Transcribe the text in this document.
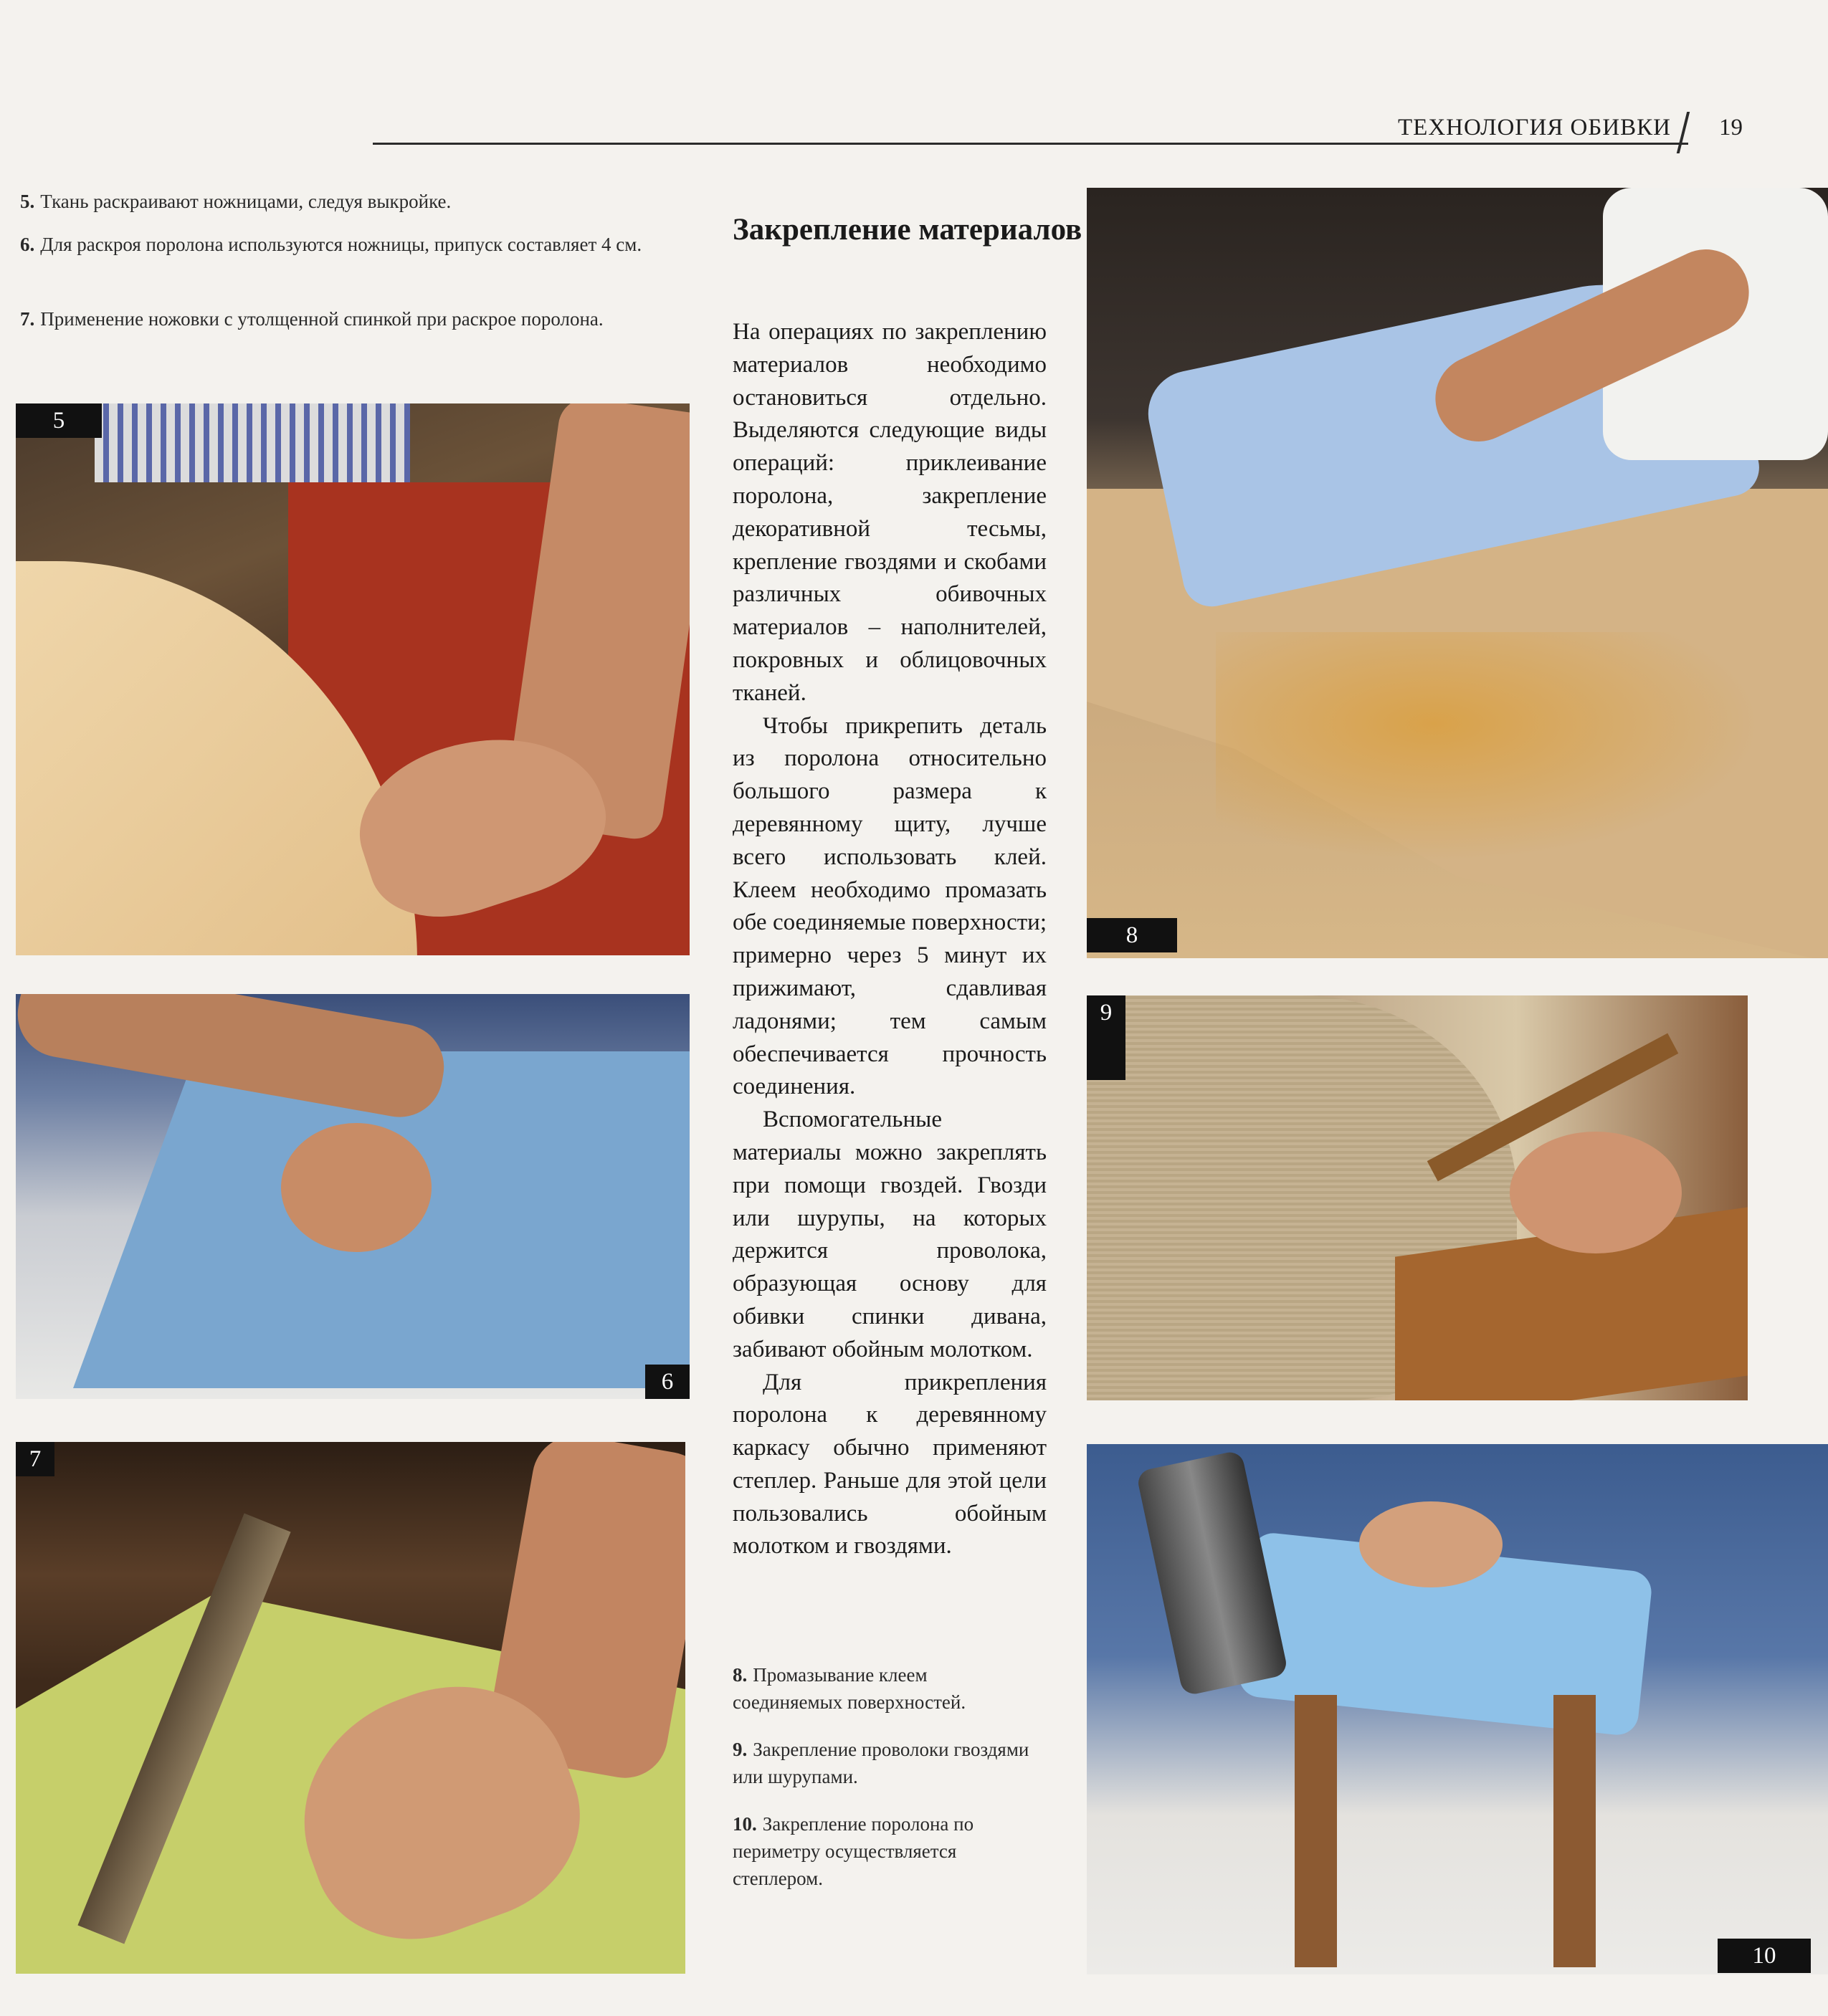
ТЕХНОЛОГИЯ ОБИВКИ 19
5. Ткань раскраивают ножницами, следуя выкройке.
6. Для раскроя поролона используются ножницы, припуск составляет 4 см.
7. Применение ножовки с утолщенной спинкой при раскрое поролона.
5
6
7
Закрепление материалов

На операциях по закреплению материалов необходимо остановиться отдельно. Выделяются следующие виды операций: приклеивание поролона, закрепление декоративной тесьмы, крепление гвоздями и скобами различных обивочных материалов – наполнителей, покровных и облицовочных тканей.

Чтобы прикрепить деталь из поролона относительно большого размера к деревянному щиту, лучше всего использовать клей. Клеем необходимо промазать обе соединяемые поверхности; примерно через 5 минут их прижимают, сдавливая ладонями; тем самым обеспечивается прочность соединения.

Вспомогательные материалы можно закреплять при помощи гвоздей. Гвозди или шурупы, на которых держится проволока, образующая основу для обивки спинки дивана, забивают обойным молотком.

Для прикрепления поролона к деревянному каркасу обычно применяют степлер. Раньше для этой цели пользовались обойным молотком и гвоздями.

8. Промазывание клеем соединяемых поверхностей.
9. Закрепление проволоки гвоздями или шурупами.
10. Закрепление поролона по периметру осуществляется степлером.
8
9
10
